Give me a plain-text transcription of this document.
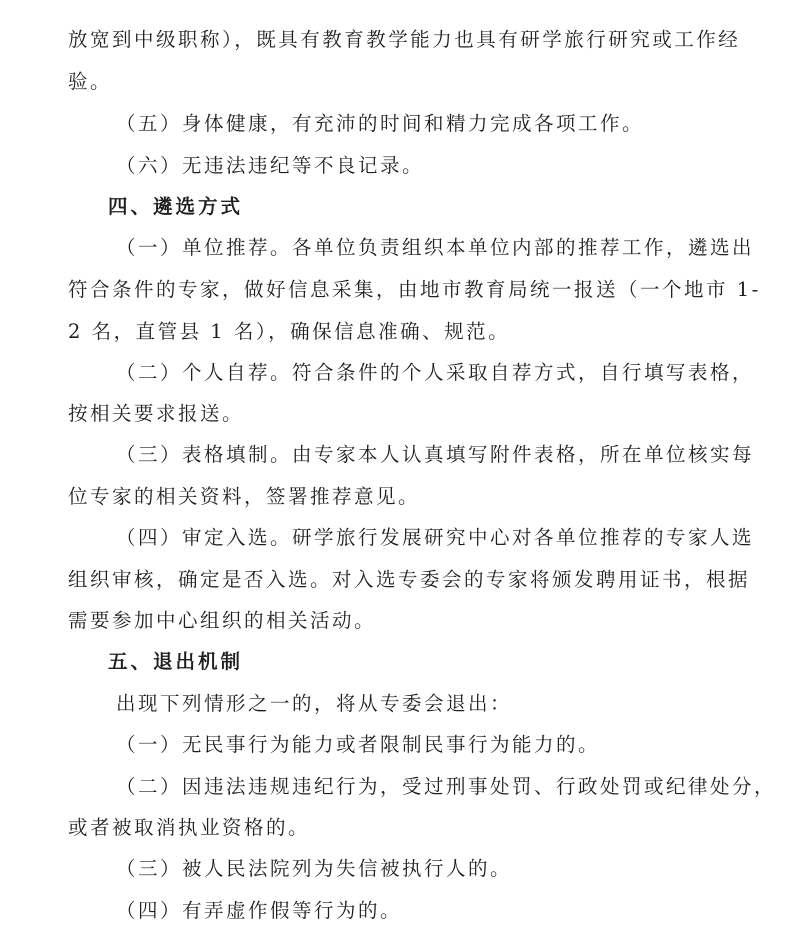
放宽到中级职称），既具有教育教学能力也具有研学旅行研究或工作经
验。
（五）身体健康，有充沛的时间和精力完成各项工作。
（六）无违法违纪等不良记录。
四、遴选方式
（一）单位推荐。各单位负责组织本单位内部的推荐工作，遴选出
符合条件的专家，做好信息采集，由地市教育局统一报送（一个地市 1-
2 名，直管县 1 名），确保信息准确、规范。
（二）个人自荐。符合条件的个人采取自荐方式，自行填写表格，
按相关要求报送。
（三）表格填制。由专家本人认真填写附件表格，所在单位核实每
位专家的相关资料，签署推荐意见。
（四）审定入选。研学旅行发展研究中心对各单位推荐的专家人选
组织审核，确定是否入选。对入选专委会的专家将颁发聘用证书，根据
需要参加中心组织的相关活动。
五、退出机制
出现下列情形之一的，将从专委会退出：
（一）无民事行为能力或者限制民事行为能力的。
（二）因违法违规违纪行为，受过刑事处罚、行政处罚或纪律处分，
或者被取消执业资格的。
（三）被人民法院列为失信被执行人的。
（四）有弄虚作假等行为的。
